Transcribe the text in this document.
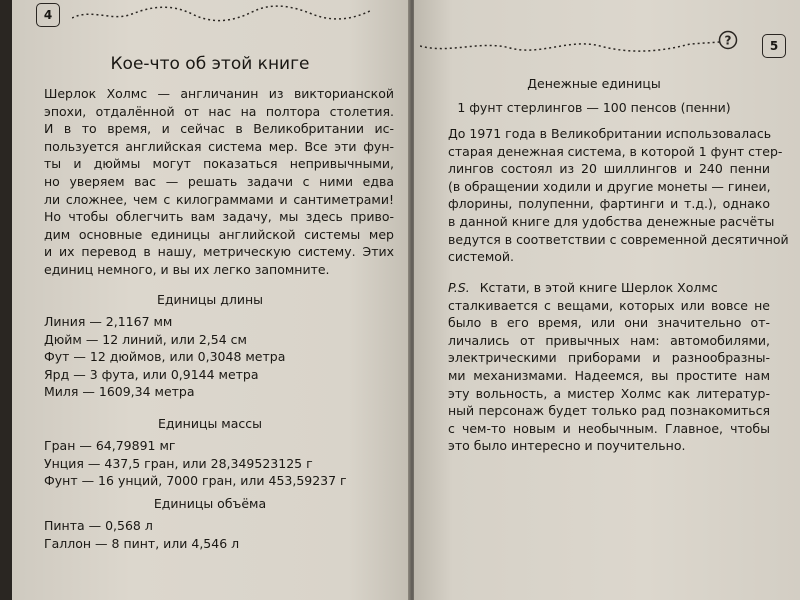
4
Кое-что об этой книге
Шерлок Холмс — англичанин из викторианской
эпохи, отдалённой от нас на полтора столетия.
И в то время, и сейчас в Великобритании ис-
пользуется английская система мер. Все эти фун-
ты и дюймы могут показаться непривычными,
но уверяем вас — решать задачи с ними едва
ли сложнее, чем с килограммами и сантиметрами!
Но чтобы облегчить вам задачу, мы здесь приво-
дим основные единицы английской системы мер
и их перевод в нашу, метрическую систему. Этих
единиц немного, и вы их легко запомните.
Единицы длины
Линия — 2,1167 мм
Дюйм — 12 линий, или 2,54 см
Фут — 12 дюймов, или 0,3048 метра
Ярд — 3 фута, или 0,9144 метра
Миля — 1609,34 метра
Единицы массы
Гран — 64,79891 мг
Унция — 437,5 гран, или 28,349523125 г
Фунт — 16 унций, 7000 гран, или 453,59237 г
Единицы объёма
Пинта — 0,568 л
Галлон — 8 пинт, или 4,546 л
?	5
Денежные единицы
1 фунт стерлингов — 100 пенсов (пенни)
До 1971 года в Великобритании использовалась
старая денежная система, в которой 1 фунт стер-
лингов состоял из 20 шиллингов и 240 пенни
(в обращении ходили и другие монеты — гинеи,
флорины, полупенни, фартинги и т.д.), однако
в данной книге для удобства денежные расчёты
ведутся в соответствии с современной десятичной
системой.
P.S. Кстати, в этой книге Шерлок Холмс
сталкивается с вещами, которых или вовсе не
было в его время, или они значительно от-
личались от привычных нам: автомобилями,
электрическими приборами и разнообразны-
ми механизмами. Надеемся, вы простите нам
эту вольность, а мистер Холмс как литератур-
ный персонаж будет только рад познакомиться
с чем-то новым и необычным. Главное, чтобы
это было интересно и поучительно.
